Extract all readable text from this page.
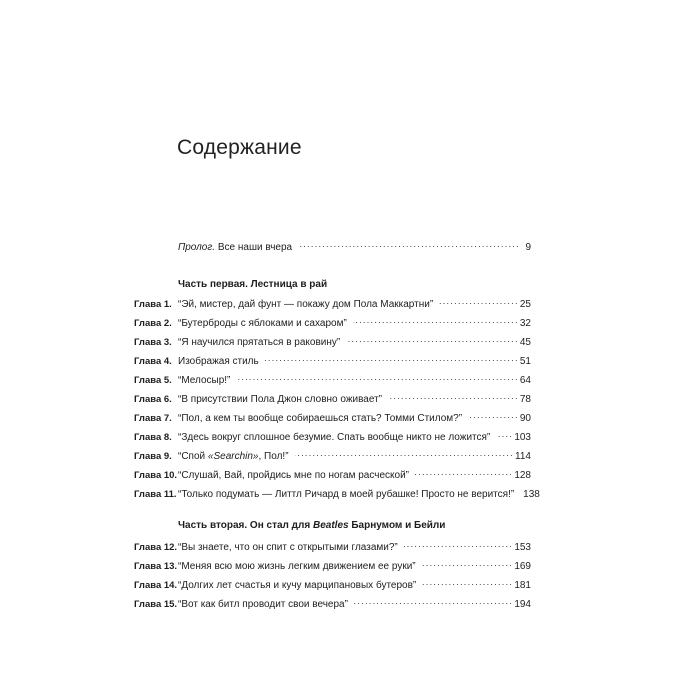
Содержание
Пролог. Все наши вчера . . .	9
Часть первая. Лестница в рай
Глава 1. “Эй, мистер, дай фунт — покажу дом Пола Маккартни” . . .	25
Глава 2. “Бутерброды с яблоками и сахаром” . . .	32
Глава 3. “Я научился прятаться в раковину” . . .	45
Глава 4. Изображая стиль . . .	51
Глава 5. “Мелосыр!” . . .	64
Глава 6. “В присутствии Пола Джон словно оживает” . . .	78
Глава 7. “Пол, а кем ты вообще собираешься стать? Томми Стилом?” . . .	90
Глава 8. “Здесь вокруг сплошное безумие. Спать вообще никто не ложится” . . . 103
Глава 9. “Спой «Searchin», Пол!” . . .	114
Глава 10. “Слушай, Вай, пройдись мне по ногам расческой” . . .	128
Глава 11. “Только подумать — Литтл Ричард в моей рубашке! Просто не верится!” 138
Часть вторая. Он стал для Beatles Барнумом и Бейли
Глава 12. “Вы знаете, что он спит с открытыми глазами?” . . .	153
Глава 13. “Меняя всю мою жизнь легким движением ее руки” . . .	169
Глава 14. “Долгих лет счастья и кучу марципановых бутеров” . . .	181
Глава 15. “Вот как битл проводит свои вечера” . . .	194
